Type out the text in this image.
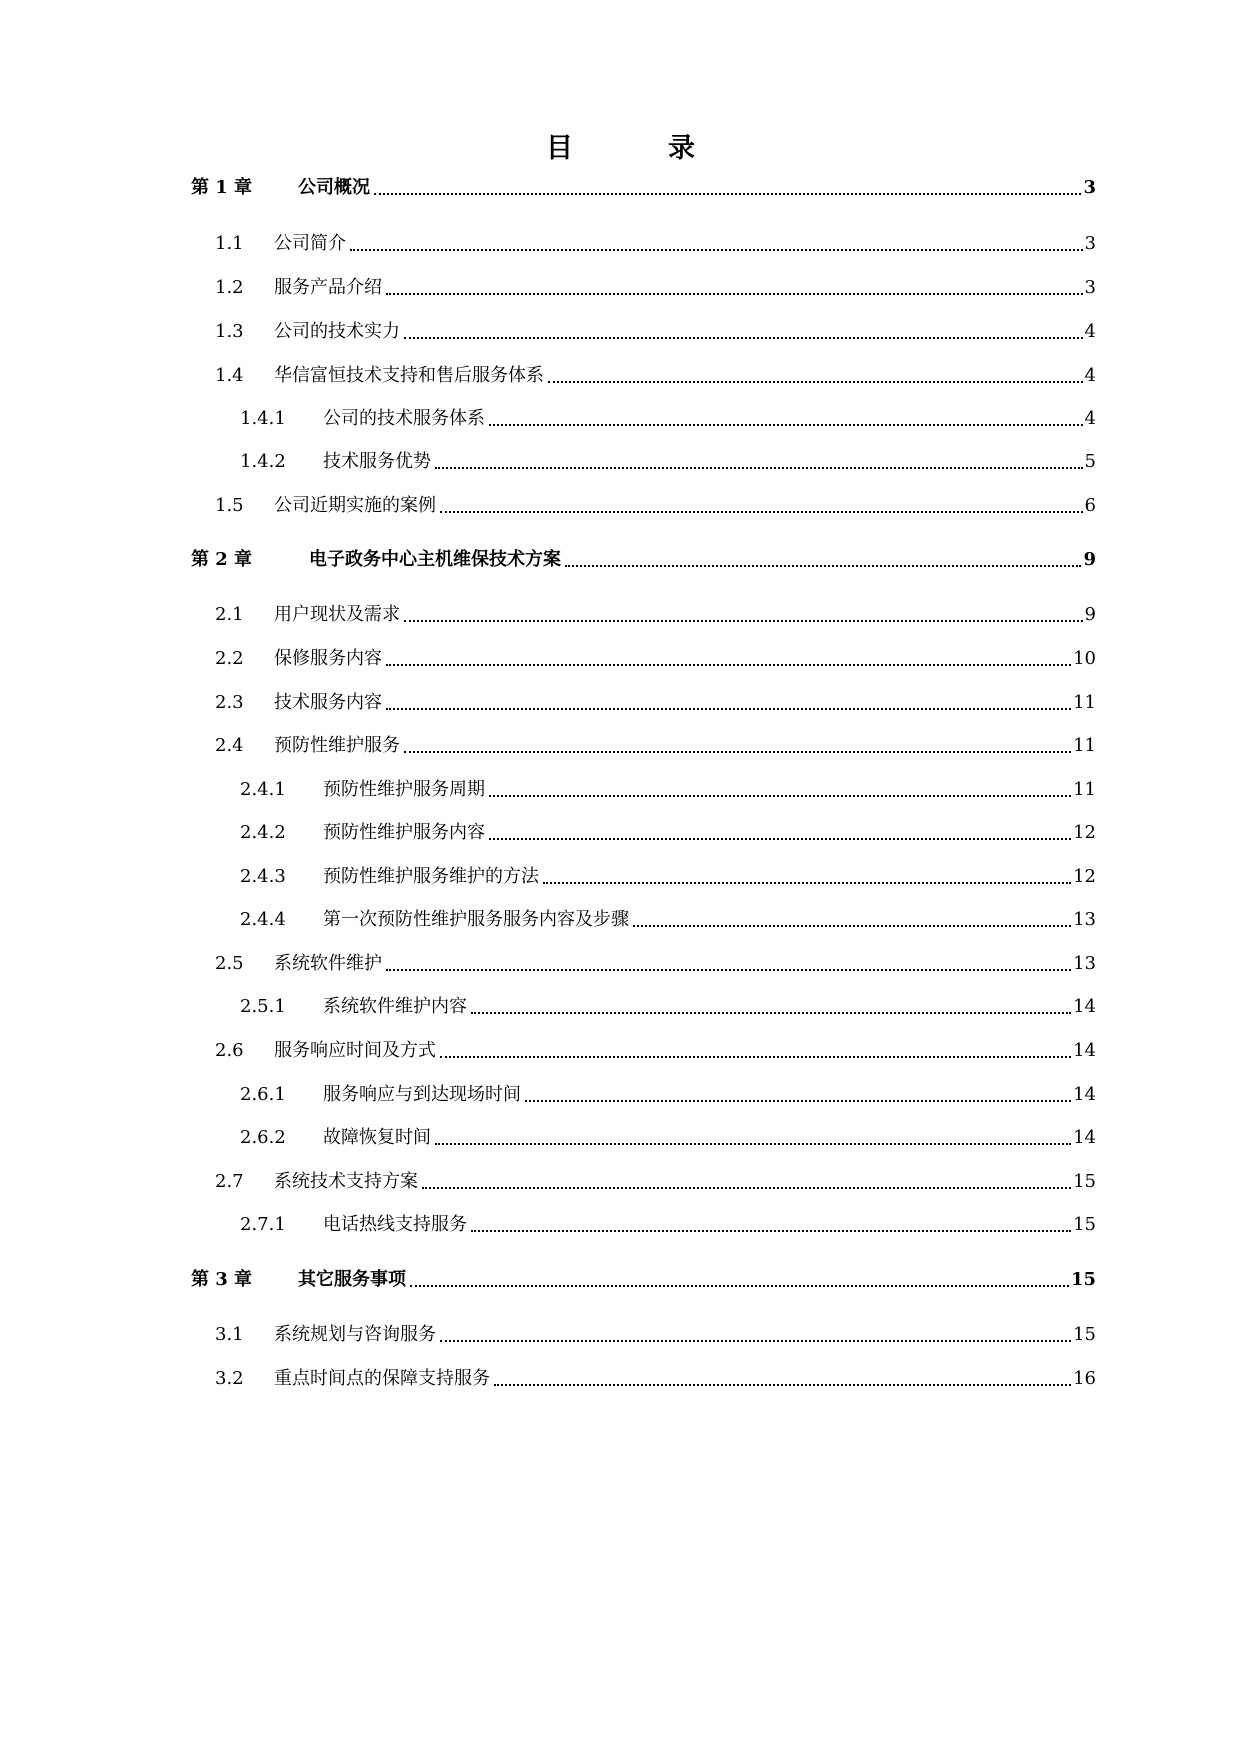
目　录
第 1 章	公司概况	3
1.1 公司简介	3
1.2 服务产品介绍	3
1.3 公司的技术实力	4
1.4 华信富恒技术支持和售后服务体系	4
1.4.1 公司的技术服务体系	4
1.4.2 技术服务优势	5
1.5 公司近期实施的案例	6
第 2 章	电子政务中心主机维保技术方案	9
2.1 用户现状及需求	9
2.2 保修服务内容	10
2.3 技术服务内容	11
2.4 预防性维护服务	11
2.4.1 预防性维护服务周期	11
2.4.2 预防性维护服务内容	12
2.4.3 预防性维护服务维护的方法	12
2.4.4 第一次预防性维护服务服务内容及步骤	13
2.5 系统软件维护	13
2.5.1 系统软件维护内容	14
2.6 服务响应时间及方式	14
2.6.1 服务响应与到达现场时间	14
2.6.2 故障恢复时间	14
2.7 系统技术支持方案	15
2.7.1 电话热线支持服务	15
第 3 章	其它服务事项	15
3.1 系统规划与咨询服务	15
3.2 重点时间点的保障支持服务	16
